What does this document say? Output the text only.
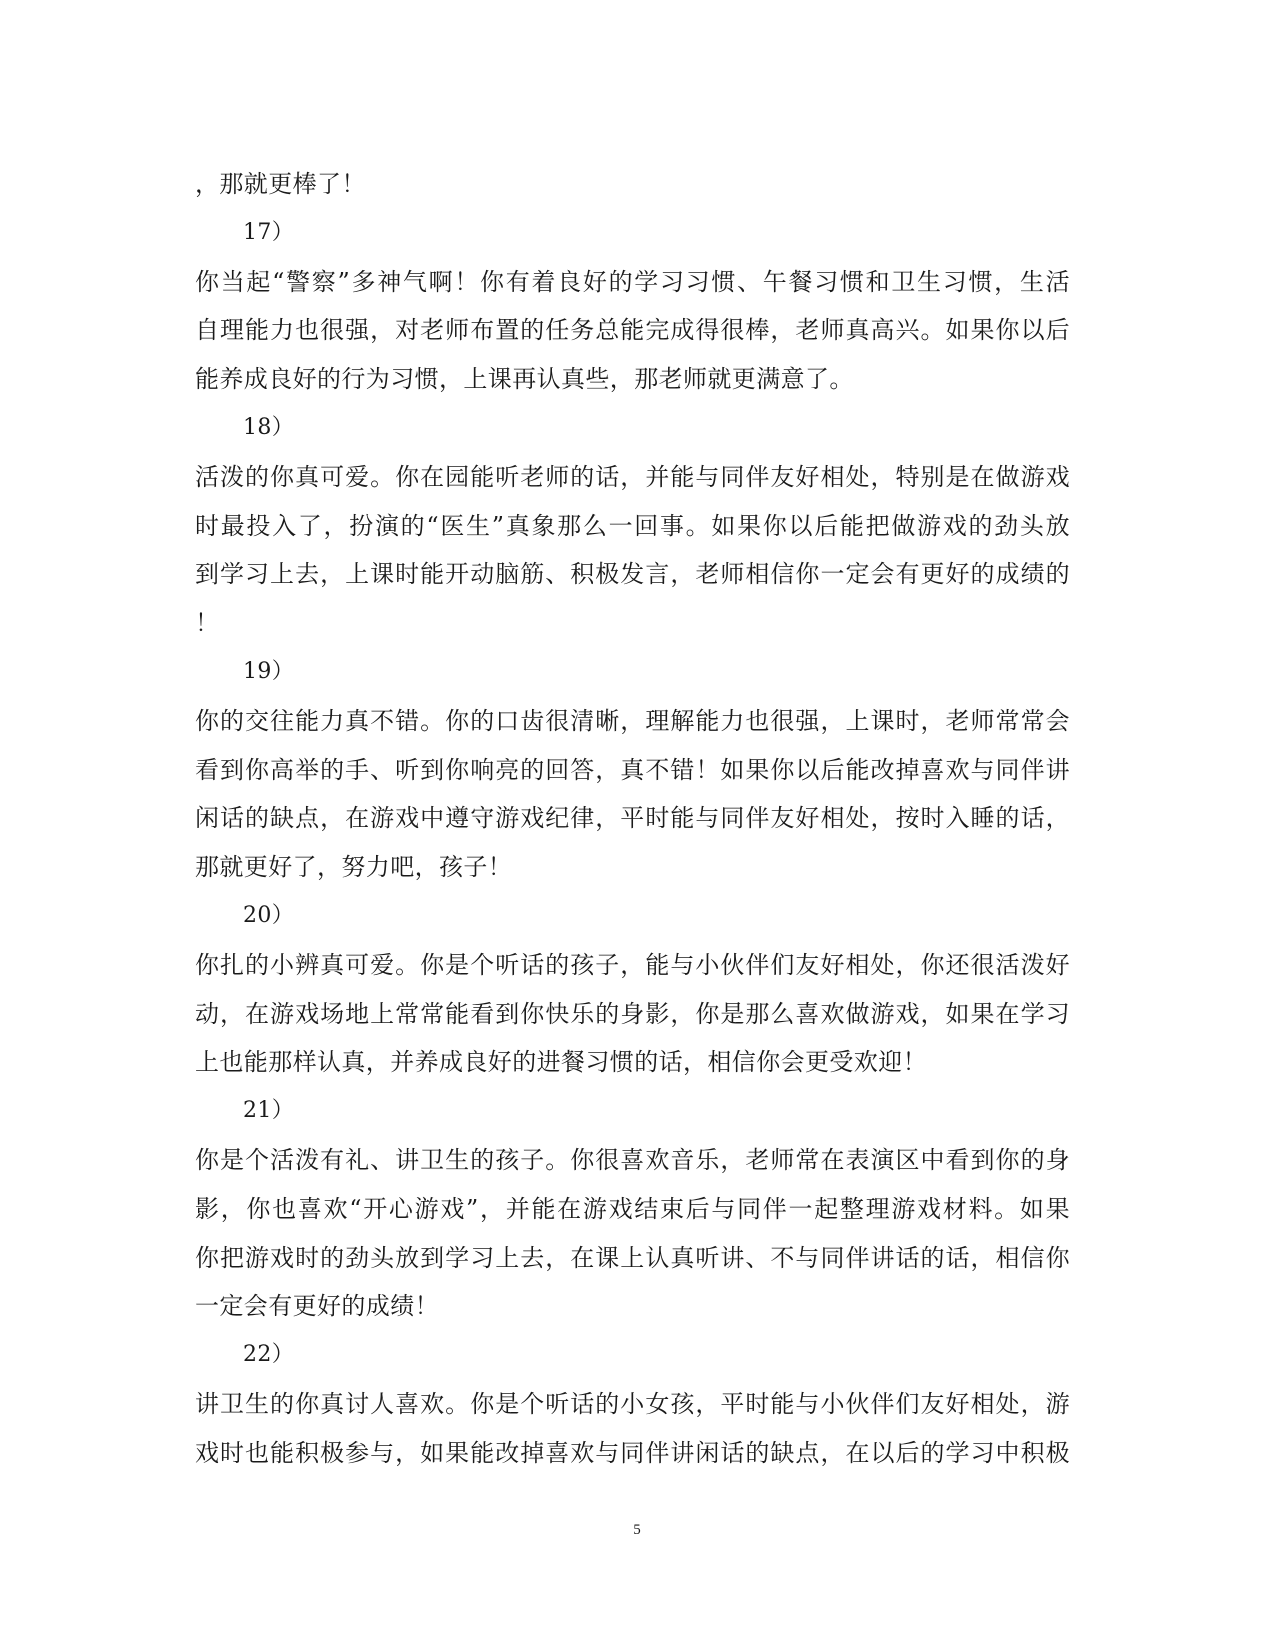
，那就更棒了！
17）
你当起“警察”多神气啊！你有着良好的学习习惯、午餐习惯和卫生习惯，生活
自理能力也很强，对老师布置的任务总能完成得很棒，老师真高兴。如果你以后
能养成良好的行为习惯，上课再认真些，那老师就更满意了。
18）
活泼的你真可爱。你在园能听老师的话，并能与同伴友好相处，特别是在做游戏
时最投入了，扮演的“医生”真象那么一回事。如果你以后能把做游戏的劲头放
到学习上去，上课时能开动脑筋、积极发言，老师相信你一定会有更好的成绩的
！
19）
你的交往能力真不错。你的口齿很清晰，理解能力也很强，上课时，老师常常会
看到你高举的手、听到你响亮的回答，真不错！如果你以后能改掉喜欢与同伴讲
闲话的缺点，在游戏中遵守游戏纪律，平时能与同伴友好相处，按时入睡的话，
那就更好了，努力吧，孩子！
20）
你扎的小辨真可爱。你是个听话的孩子，能与小伙伴们友好相处，你还很活泼好
动，在游戏场地上常常能看到你快乐的身影，你是那么喜欢做游戏，如果在学习
上也能那样认真，并养成良好的进餐习惯的话，相信你会更受欢迎！
21）
你是个活泼有礼、讲卫生的孩子。你很喜欢音乐，老师常在表演区中看到你的身
影，你也喜欢“开心游戏”，并能在游戏结束后与同伴一起整理游戏材料。如果
你把游戏时的劲头放到学习上去，在课上认真听讲、不与同伴讲话的话，相信你
一定会有更好的成绩！
22）
讲卫生的你真讨人喜欢。你是个听话的小女孩，平时能与小伙伴们友好相处，游
戏时也能积极参与，如果能改掉喜欢与同伴讲闲话的缺点，在以后的学习中积极
5
